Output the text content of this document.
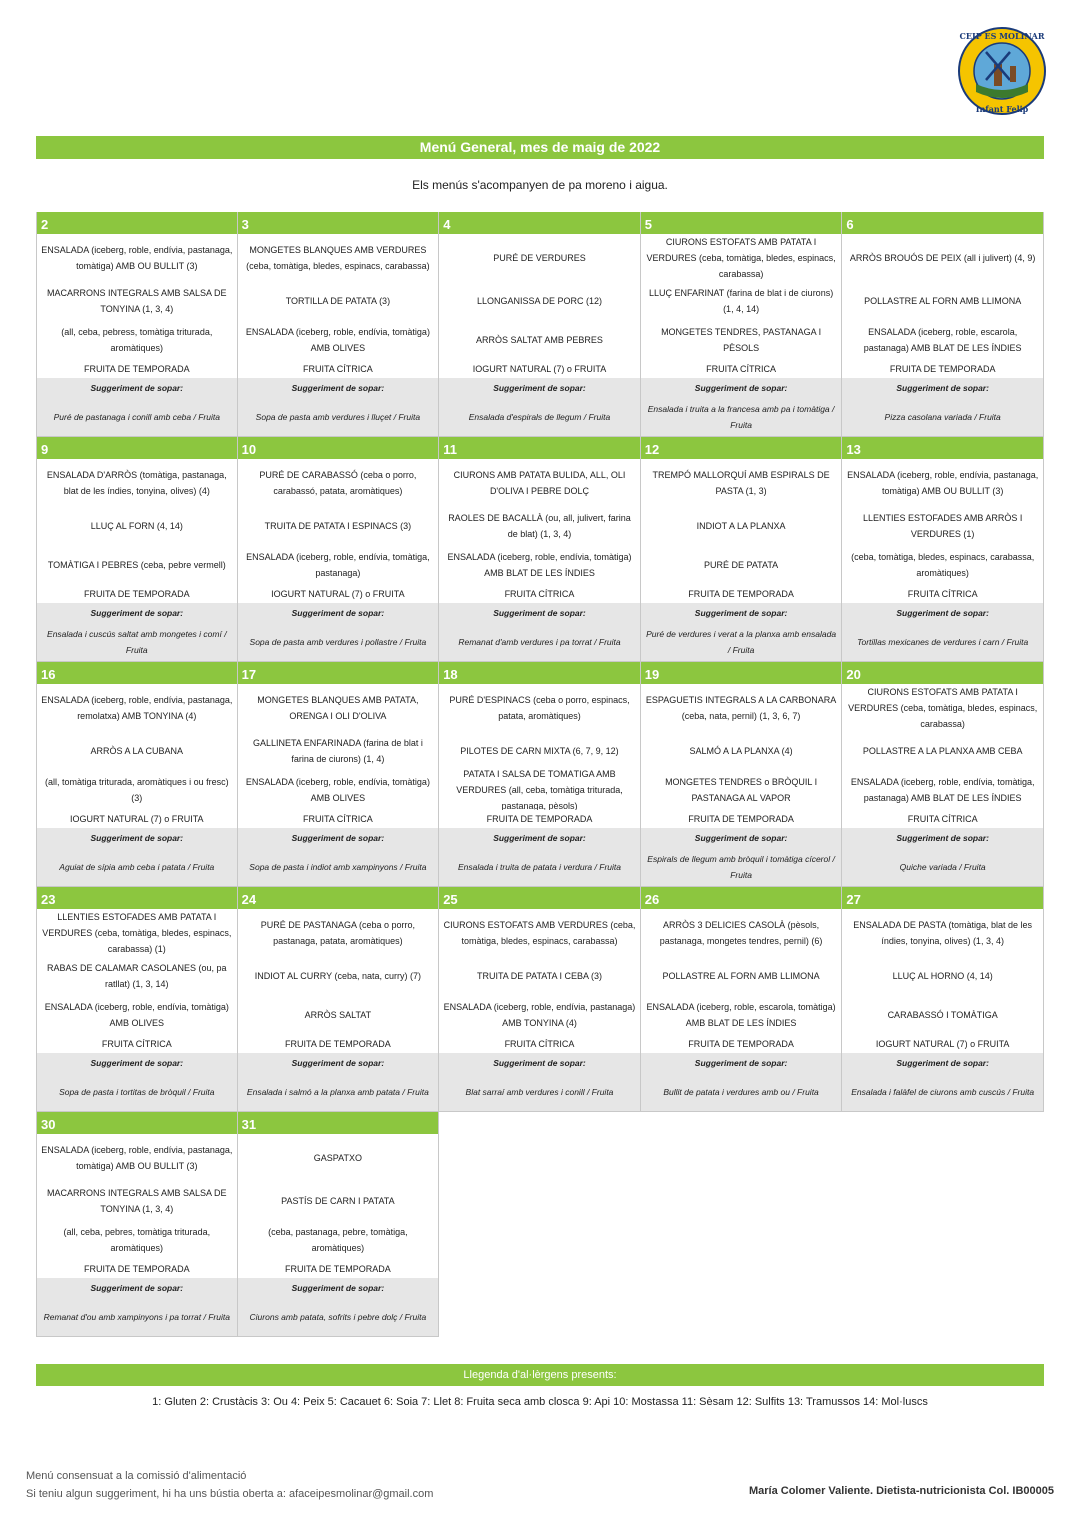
CEIP ES MOLINAR
Infant Felip
Menú General, mes de maig de 2022
Els menús s'acompanyen de pa moreno i aigua.
2
ENSALADA (iceberg, roble, endívia, pastanaga, tomàtiga) AMB OU BULLIT (3)
MACARRONS INTEGRALS AMB SALSA DE TONYINA (1, 3, 4)
(all, ceba, pebress, tomàtiga triturada, aromàtiques)
FRUITA DE TEMPORADA
Suggeriment de sopar:
Puré de pastanaga i conill amb ceba / Fruita
3
MONGETES BLANQUES AMB VERDURES (ceba, tomàtiga, bledes, espinacs, carabassa)
TORTILLA DE PATATA (3)
ENSALADA (iceberg, roble, endívia, tomàtiga) AMB OLIVES
FRUITA CÍTRICA
Suggeriment de sopar:
Sopa de pasta amb verdures i lluçet / Fruita
4
PURÉ DE VERDURES
LLONGANISSA DE PORC (12)
ARRÒS SALTAT AMB PEBRES
IOGURT NATURAL (7) o FRUITA
Suggeriment de sopar:
Ensalada d'espirals de llegum / Fruita
5
CIURONS ESTOFATS AMB PATATA I VERDURES (ceba, tomàtiga, bledes, espinacs, carabassa)
LLUÇ ENFARINAT (farina de blat i de ciurons) (1, 4, 14)
MONGETES TENDRES, PASTANAGA I PÈSOLS
FRUITA CÍTRICA
Suggeriment de sopar:
Ensalada i truita a la francesa amb pa i tomàtiga / Fruita
6
ARRÒS BROUÓS DE PEIX (all i julivert) (4, 9)
POLLASTRE AL FORN AMB LLIMONA
ENSALADA (iceberg, roble, escarola, pastanaga) AMB BLAT DE LES ÍNDIES
FRUITA DE TEMPORADA
Suggeriment de sopar:
Pizza casolana variada / Fruita
9
ENSALADA D'ARRÒS (tomàtiga, pastanaga, blat de les índies, tonyina, olives) (4)
LLUÇ AL FORN (4, 14)
TOMÀTIGA I PEBRES (ceba, pebre vermell)
FRUITA DE TEMPORADA
Suggeriment de sopar:
Ensalada i cuscús saltat amb mongetes i comí / Fruita
10
PURÉ DE CARABASSÓ (ceba o porro, carabassó, patata, aromàtiques)
TRUITA DE PATATA I ESPINACS (3)
ENSALADA (iceberg, roble, endívia, tomàtiga, pastanaga)
IOGURT NATURAL (7) o FRUITA
Suggeriment de sopar:
Sopa de pasta amb verdures i pollastre / Fruita
11
CIURONS AMB PATATA BULIDA, ALL, OLI D'OLIVA I PEBRE DOLÇ
RAOLES DE BACALLÀ (ou, all, julivert, farina de blat) (1, 3, 4)
ENSALADA (iceberg, roble, endívia, tomàtiga) AMB BLAT DE LES ÍNDIES
FRUITA CÍTRICA
Suggeriment de sopar:
Remanat d'amb verdures i pa torrat / Fruita
12
TREMPÓ MALLORQUÍ AMB ESPIRALS DE PASTA (1, 3)
INDIOT A LA PLANXA
PURÉ DE PATATA
FRUITA DE TEMPORADA
Suggeriment de sopar:
Puré de verdures i verat a la planxa amb ensalada / Fruita
13
ENSALADA (iceberg, roble, endívia, pastanaga, tomàtiga) AMB OU BULLIT (3)
LLENTIES ESTOFADES AMB ARRÒS I VERDURES (1)
(ceba, tomàtiga, bledes, espinacs, carabassa, aromàtiques)
FRUITA CÍTRICA
Suggeriment de sopar:
Tortillas mexicanes de verdures i carn / Fruita
16
ENSALADA (iceberg, roble, endívia, pastanaga, remolatxa) AMB TONYINA (4)
ARRÒS A LA CUBANA
(all, tomàtiga triturada, aromàtiques i ou fresc) (3)
IOGURT NATURAL (7) o FRUITA
Suggeriment de sopar:
Aguiat de sípia amb ceba i patata / Fruita
17
MONGETES BLANQUES AMB PATATA, ORENGA I OLI D'OLIVA
GALLINETA ENFARINADA (farina de blat i farina de ciurons) (1, 4)
ENSALADA (iceberg, roble, endívia, tomàtiga) AMB OLIVES
FRUITA CÍTRICA
Suggeriment de sopar:
Sopa de pasta i indiot amb xampinyons / Fruita
18
PURÉ D'ESPINACS (ceba o porro, espinacs, patata, aromàtiques)
PILOTES DE CARN MIXTA (6, 7, 9, 12)
PATATA I SALSA DE TOMÀTIGA AMB VERDURES (all, ceba, tomàtiga triturada, pastanaga, pèsols)
FRUITA DE TEMPORADA
Suggeriment de sopar:
Ensalada i truita de patata i verdura / Fruita
19
ESPAGUETIS INTEGRALS A LA CARBONARA (ceba, nata, pernil) (1, 3, 6, 7)
SALMÓ A LA PLANXA (4)
MONGETES TENDRES o BRÒQUIL I PASTANAGA AL VAPOR
FRUITA DE TEMPORADA
Suggeriment de sopar:
Espirals de llegum amb bròquil i tomàtiga cícerol / Fruita
20
CIURONS ESTOFATS AMB PATATA I VERDURES (ceba, tomàtiga, bledes, espinacs, carabassa)
POLLASTRE A LA PLANXA AMB CEBA
ENSALADA (iceberg, roble, endívia, tomàtiga, pastanaga) AMB BLAT DE LES ÍNDIES
FRUITA CÍTRICA
Suggeriment de sopar:
Quiche variada / Fruita
23
LLENTIES ESTOFADES AMB PATATA I VERDURES (ceba, tomàtiga, bledes, espinacs, carabassa) (1)
RABAS DE CALAMAR CASOLANES (ou, pa ratllat) (1, 3, 14)
ENSALADA (iceberg, roble, endívia, tomàtiga) AMB OLIVES
FRUITA CÍTRICA
Suggeriment de sopar:
Sopa de pasta i tortitas de bròquil / Fruita
24
PURÉ DE PASTANAGA (ceba o porro, pastanaga, patata, aromàtiques)
INDIOT AL CURRY (ceba, nata, curry) (7)
ARRÒS SALTAT
FRUITA DE TEMPORADA
Suggeriment de sopar:
Ensalada i salmó a la planxa amb patata / Fruita
25
CIURONS ESTOFATS AMB VERDURES (ceba, tomàtiga, bledes, espinacs, carabassa)
TRUITA DE PATATA I CEBA (3)
ENSALADA (iceberg, roble, endívia, pastanaga) AMB TONYINA (4)
FRUITA CÍTRICA
Suggeriment de sopar:
Blat sarraí amb verdures i conill / Fruita
26
ARRÒS 3 DELICIES CASOLÀ (pèsols, pastanaga, mongetes tendres, pernil) (6)
POLLASTRE AL FORN AMB LLIMONA
ENSALADA (iceberg, roble, escarola, tomàtiga) AMB BLAT DE LES ÍNDIES
FRUITA DE TEMPORADA
Suggeriment de sopar:
Bullit de patata i verdures amb ou / Fruita
27
ENSALADA DE PASTA (tomàtiga, blat de les índies, tonyina, olives) (1, 3, 4)
LLUÇ AL HORNO (4, 14)
CARABASSÓ I TOMÀTIGA
IOGURT NATURAL (7) o FRUITA
Suggeriment de sopar:
Ensalada i falàfel de ciurons amb cuscús / Fruita
30
ENSALADA (iceberg, roble, endívia, pastanaga, tomàtiga) AMB OU BULLIT (3)
MACARRONS INTEGRALS AMB SALSA DE TONYINA (1, 3, 4)
(all, ceba, pebres, tomàtiga triturada, aromàtiques)
FRUITA DE TEMPORADA
Suggeriment de sopar:
Remanat d'ou amb xampinyons i pa torrat / Fruita
31
GASPATXO
PASTÍS DE CARN I PATATA
(ceba, pastanaga, pebre, tomàtiga, aromàtiques)
FRUITA DE TEMPORADA
Suggeriment de sopar:
Ciurons amb patata, sofrits i pebre dolç / Fruita
Llegenda d'al·lèrgens presents:
1: Gluten 2: Crustàcis 3: Ou 4: Peix 5: Cacauet 6: Soia 7: Llet 8: Fruita seca amb closca 9: Api 10: Mostassa 11: Sèsam 12: Sulfits 13: Tramussos 14: Mol·luscs
Menú consensuat a la comissió d'alimentació
Si teniu algun suggeriment, hi ha uns bústia oberta a: afaceipesmolinar@gmail.com	María Colomer Valiente. Dietista-nutricionista Col. IB00005
